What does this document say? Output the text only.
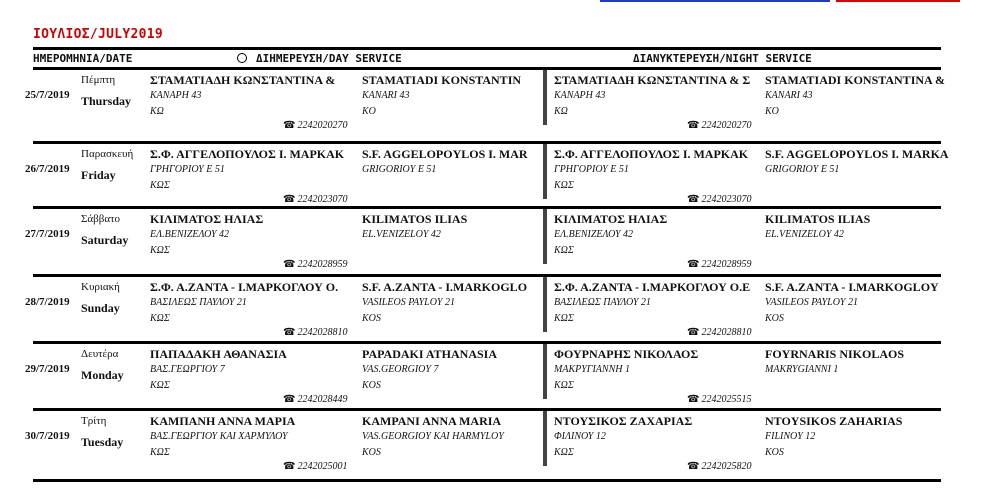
ΙΟΥΛΙΟΣ/JULY2019
ΗΜΕΡΟΜΗΝΙΑ/DATE	ΔΙΗΜΕΡΕΥΣΗ/DAY SERVICE	ΔΙΑΝΥΚΤΕΡΕΥΣΗ/NIGHT SERVICE
25/7/2019
Πέμπτη
Thursday
ΣΤΑΜΑΤΙΑΔΗ ΚΩΝΣΤΑΝΤΙΝΑ &
ΚΑΝΑΡΗ 43
ΚΩ
☎ 2242020270
STAMATIADI KONSTANTIN
KANARI 43
KO
ΣΤΑΜΑΤΙΑΔΗ ΚΩΝΣΤΑΝΤΙΝΑ & Σ
ΚΑΝΑΡΗ 43
ΚΩ
☎ 2242020270
STAMATIADI KONSTANTINA &
KANARI 43
KO
26/7/2019
Παρασκευή
Friday
Σ.Φ. ΑΓΓΕΛΟΠΟΥΛΟΣ Ι. ΜΑΡΚΑΚ
ΓΡΗΓΟΡΙΟΥ Ε 51
ΚΩΣ
☎ 2242023070
S.F. AGGELOPOYLOS I. MAR
GRIGORIOY E 51
Σ.Φ. ΑΓΓΕΛΟΠΟΥΛΟΣ Ι. ΜΑΡΚΑΚ
ΓΡΗΓΟΡΙΟΥ Ε 51
ΚΩΣ
☎ 2242023070
S.F. AGGELOPOYLOS I. MARKA
GRIGORIOY E 51
27/7/2019
Σάββατο
Saturday
ΚΙΛΙΜΑΤΟΣ ΗΛΙΑΣ
ΕΛ.ΒΕΝΙΖΕΛΟΥ 42
ΚΩΣ
☎ 2242028959
KILIMATOS ILIAS
EL.VENIZELOY 42
ΚΙΛΙΜΑΤΟΣ ΗΛΙΑΣ
ΕΛ.ΒΕΝΙΖΕΛΟΥ 42
ΚΩΣ
☎ 2242028959
KILIMATOS ILIAS
EL.VENIZELOY 42
28/7/2019
Κυριακή
Sunday
Σ.Φ. Α.ΖΑΝΤΑ - Ι.ΜΑΡΚΟΓΛΟΥ Ο.
ΒΑΣΙΛΕΩΣ ΠΑΥΛΟΥ 21
ΚΩΣ
☎ 2242028810
S.F. A.ZANTA - I.MARKOGLO
VASILEOS PAYLOY 21
KOS
Σ.Φ. Α.ΖΑΝΤΑ - Ι.ΜΑΡΚΟΓΛΟΥ Ο.Ε
ΒΑΣΙΛΕΩΣ ΠΑΥΛΟΥ 21
ΚΩΣ
☎ 2242028810
S.F. A.ZANTA - I.MARKOGLOY
VASILEOS PAYLOY 21
KOS
29/7/2019
Δευτέρα
Monday
ΠΑΠΑΔΑΚΗ ΑΘΑΝΑΣΙΑ
ΒΑΣ.ΓΕΩΡΓΙΟΥ 7
ΚΩΣ
☎ 2242028449
PAPADAKI ATHANASIA
VAS.GEORGIOY 7
KOS
ΦΟΥΡΝΑΡΗΣ ΝΙΚΟΛΑΟΣ
ΜΑΚΡΥΓΙΑΝΝΗ 1
ΚΩΣ
☎ 2242025515
FOYRNARIS NIKOLAOS
MAKRYGIANNI 1
30/7/2019
Τρίτη
Tuesday
ΚΑΜΠΑΝΗ ΑΝΝΑ ΜΑΡΙΑ
ΒΑΣ.ΓΕΩΡΓΙΟΥ ΚΑΙ ΧΑΡΜΥΛΟΥ
ΚΩΣ
☎ 2242025001
KAMPANI ANNA MARIA
VAS.GEORGIOY KAI HARMYLOY
KOS
ΝΤΟΥΣΙΚΟΣ ΖΑΧΑΡΙΑΣ
ΦΙΛΙΝΟΥ 12
ΚΩΣ
☎ 2242025820
NTOYSIKOS ZAHARIAS
FILINOY 12
KOS
